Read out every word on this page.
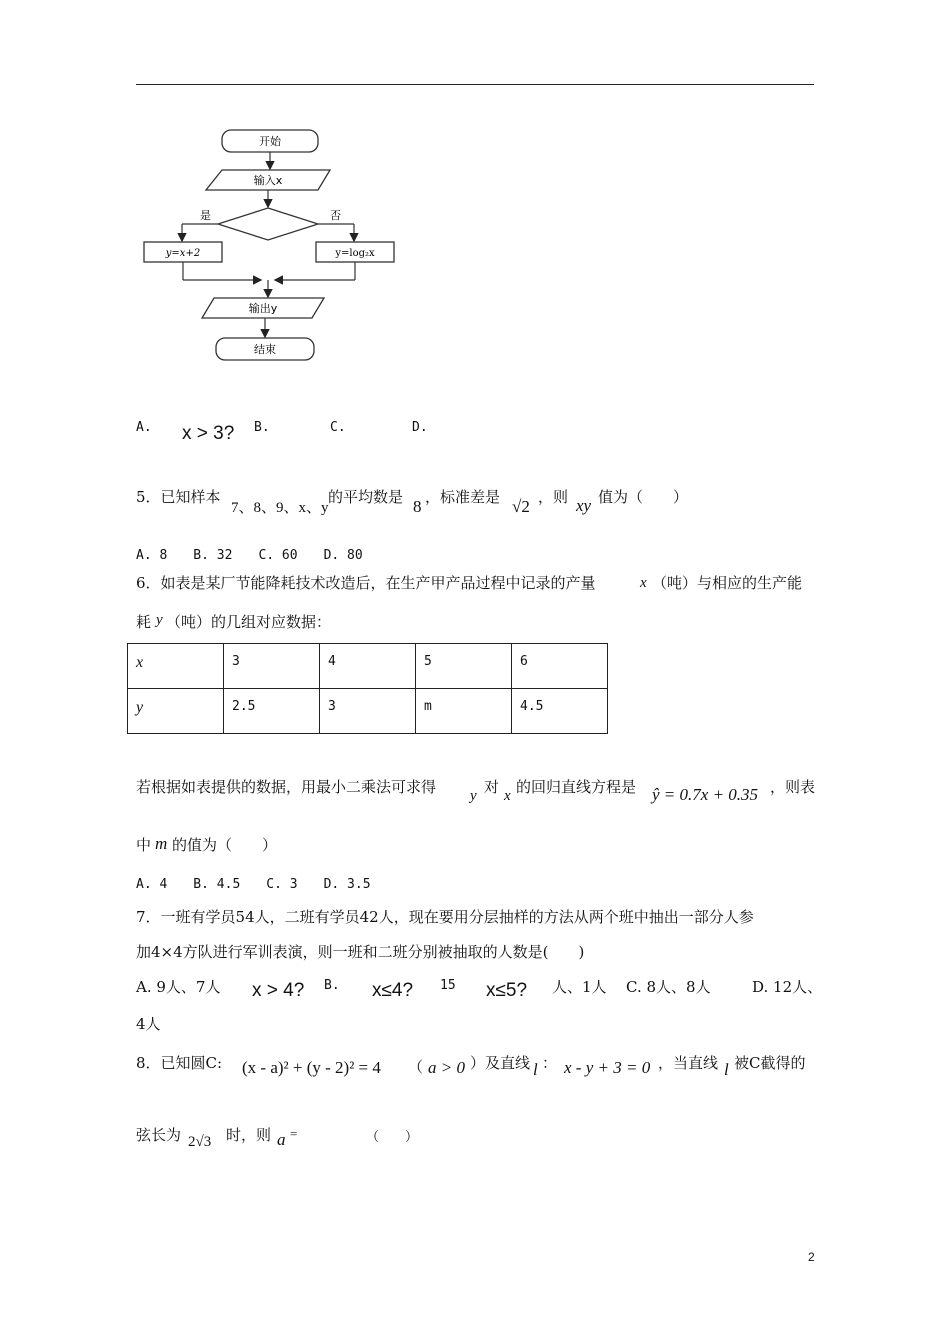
开始
输入x
是	否
y=x+2	y=log₂x
输出y
结束
A. x > 3? B.	C.	D.
5．已知样本
7、8、9、x、y
的平均数是 8 ，标准差是 √2 ，则 xy 值为（　　）
A. 8　　B. 32　　C. 60　　D. 80
6．如表是某厂节能降耗技术改造后，在生产甲产品过程中记录的产量	x （吨）与相应的生产能
耗 y （吨）的几组对应数据：
x	3	4	5	6
y	2.5	3	m	4.5
若根据如表提供的数据，用最小二乘法可求得 y 对 x 的回归直线方程是 ŷ = 0.7x + 0.35 ，则表
中 m 的值为（　　）
A. 4　　B. 4.5　　C. 3　　D. 3.5
7．一班有学员54人，二班有学员42人，现在要用分层抽样的方法从两个班中抽出一部分人参
加4×4方队进行军训表演，则一班和二班分别被抽取的人数是(　　)
A. 9人、7人 x > 4? B. x≤4? 15 x≤5? 人、1人 C. 8人、8人	D. 12人、
4人
8．已知圆C: (x - a)² + (y - 2)² = 4 （ a > 0 ）及直线 l ： x - y + 3 = 0 ，当直线 l 被C截得的
弦长为 2√3 时，则 a =	（　　）
2
